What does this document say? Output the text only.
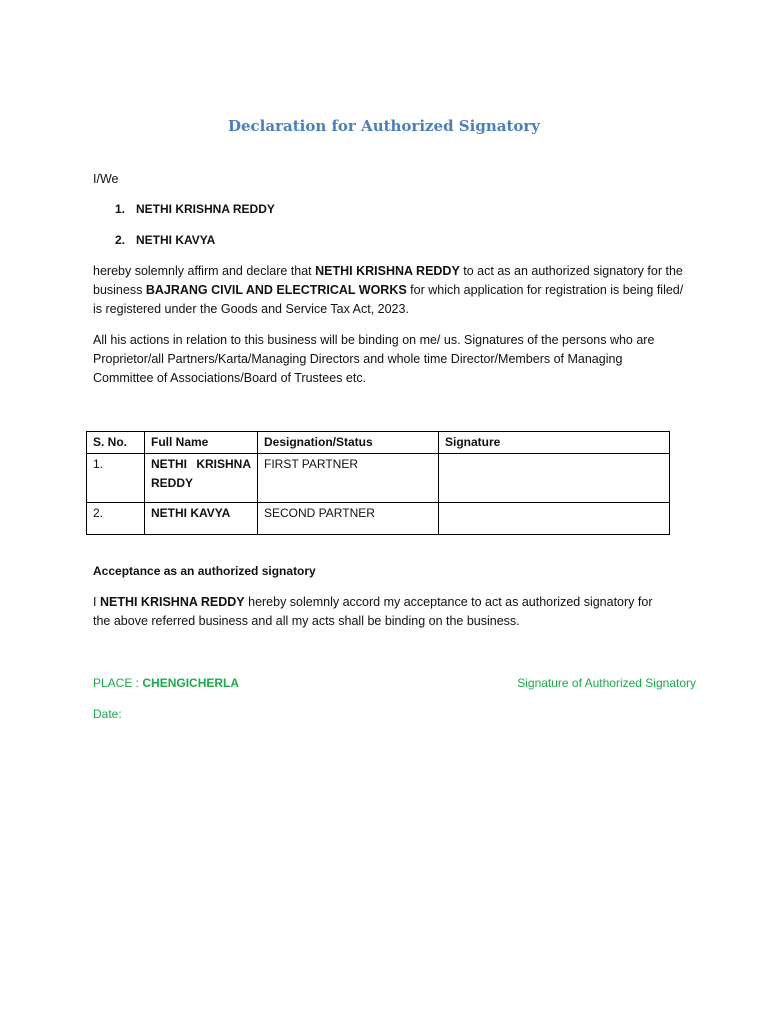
Declaration for Authorized Signatory
I/We
1. NETHI KRISHNA REDDY
2. NETHI KAVYA
hereby solemnly affirm and declare that NETHI KRISHNA REDDY to act as an authorized signatory for the business BAJRANG CIVIL AND ELECTRICAL WORKS for which application for registration is being filed/ is registered under the Goods and Service Tax Act, 2023.
All his actions in relation to this business will be binding on me/ us. Signatures of the persons who are Proprietor/all Partners/Karta/Managing Directors and whole time Director/Members of Managing Committee of Associations/Board of Trustees etc.
S. No.	Full Name	Designation/Status	Signature
1.	NETHI KRISHNA REDDY	FIRST PARTNER	
2.	NETHI KAVYA	SECOND PARTNER	
Acceptance as an authorized signatory
I NETHI KRISHNA REDDY hereby solemnly accord my acceptance to act as authorized signatory for the above referred business and all my acts shall be binding on the business.
PLACE : CHENGICHERLA	Signature of Authorized Signatory
Date:
